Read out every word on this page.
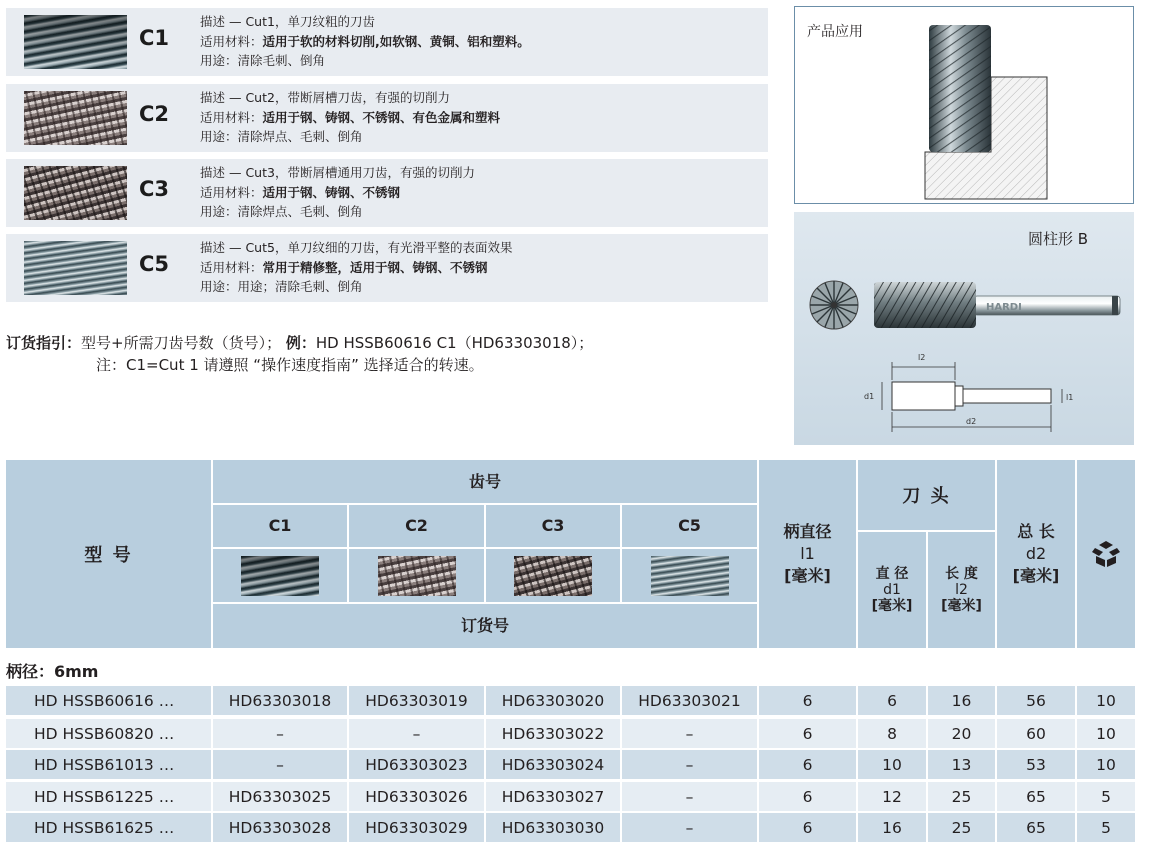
C1
描述 — Cut1，单刀纹粗的刀齿
适用材料：适用于软的材料切削,如软钢、黄铜、铝和塑料。
用途：清除毛刺、倒角
C2
描述 — Cut2，带断屑槽刀齿，有强的切削力
适用材料：适用于钢、铸钢、不锈钢、有色金属和塑料
用途：清除焊点、毛刺、倒角
C3
描述 — Cut3，带断屑槽通用刀齿，有强的切削力
适用材料：适用于钢、铸钢、不锈钢
用途：清除焊点、毛刺、倒角
C5
描述 — Cut5，单刀纹细的刀齿，有光滑平整的表面效果
适用材料：常用于精修整，适用于钢、铸钢、不锈钢
用途：用途；清除毛刺、倒角
产品应用
圆柱形 B
HARDI
l2
d1
d2
l1
订货指引：型号+所需刀齿号数（货号）； 例：HD HSSB60616 C1（HD63303018）；
注：C1=Cut 1 请遵照 “操作速度指南” 选择适合的转速。
型 号
齿号
C1	C2	C3	C5
订货号
柄直径
l1
[毫米]
刀 头
直 径
d1
[毫米]
长 度
l2
[毫米]
总 长
d2
[毫米]
柄径：6mm
HD HSSB60616 …	HD63303018	HD63303019	HD63303020	HD63303021	6	6	16	56	10
HD HSSB60820 …	–	–	HD63303022	–	6	8	20	60	10
HD HSSB61013 …	–	HD63303023	HD63303024	–	6	10	13	53	10
HD HSSB61225 …	HD63303025	HD63303026	HD63303027	–	6	12	25	65	5
HD HSSB61625 …	HD63303028	HD63303029	HD63303030	–	6	16	25	65	5
